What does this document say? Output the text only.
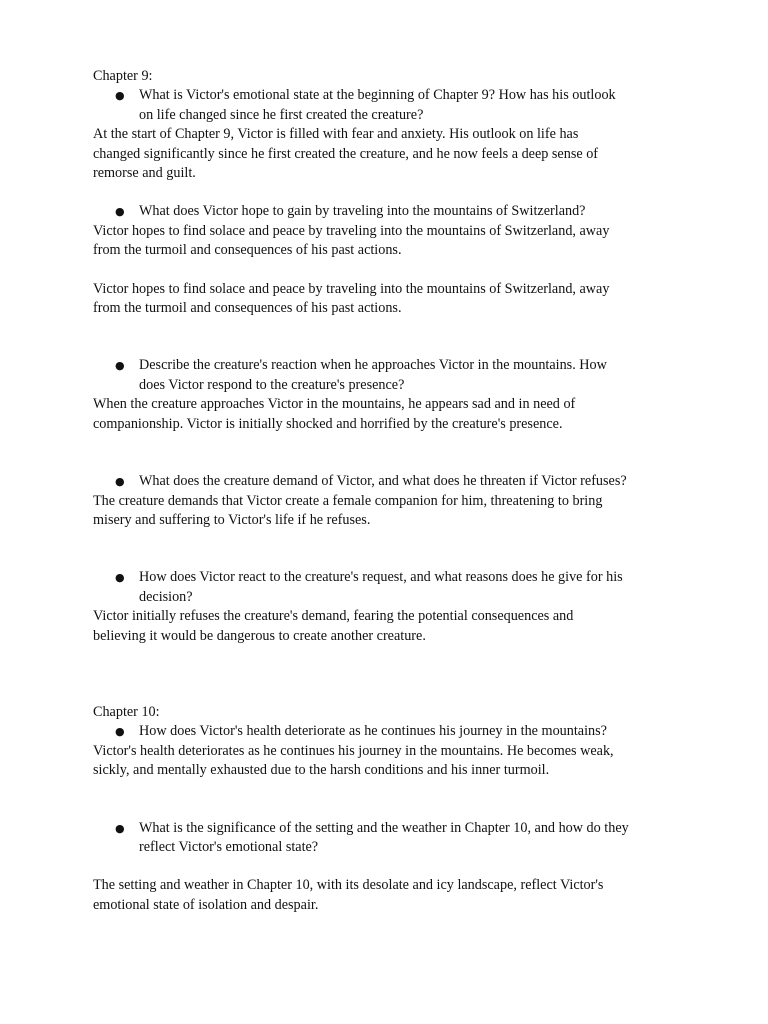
Chapter 9:
● What is Victor's emotional state at the beginning of Chapter 9? How has his outlook
on life changed since he first created the creature?
At the start of Chapter 9, Victor is filled with fear and anxiety. His outlook on life has
changed significantly since he first created the creature, and he now feels a deep sense of
remorse and guilt.
● What does Victor hope to gain by traveling into the mountains of Switzerland?
Victor hopes to find solace and peace by traveling into the mountains of Switzerland, away
from the turmoil and consequences of his past actions.
Victor hopes to find solace and peace by traveling into the mountains of Switzerland, away
from the turmoil and consequences of his past actions.
● Describe the creature's reaction when he approaches Victor in the mountains. How
does Victor respond to the creature's presence?
When the creature approaches Victor in the mountains, he appears sad and in need of
companionship. Victor is initially shocked and horrified by the creature's presence.
● What does the creature demand of Victor, and what does he threaten if Victor refuses?
The creature demands that Victor create a female companion for him, threatening to bring
misery and suffering to Victor's life if he refuses.
● How does Victor react to the creature's request, and what reasons does he give for his
decision?
Victor initially refuses the creature's demand, fearing the potential consequences and
believing it would be dangerous to create another creature.
Chapter 10:
● How does Victor's health deteriorate as he continues his journey in the mountains?
Victor's health deteriorates as he continues his journey in the mountains. He becomes weak,
sickly, and mentally exhausted due to the harsh conditions and his inner turmoil.
● What is the significance of the setting and the weather in Chapter 10, and how do they
reflect Victor's emotional state?
The setting and weather in Chapter 10, with its desolate and icy landscape, reflect Victor's
emotional state of isolation and despair.
